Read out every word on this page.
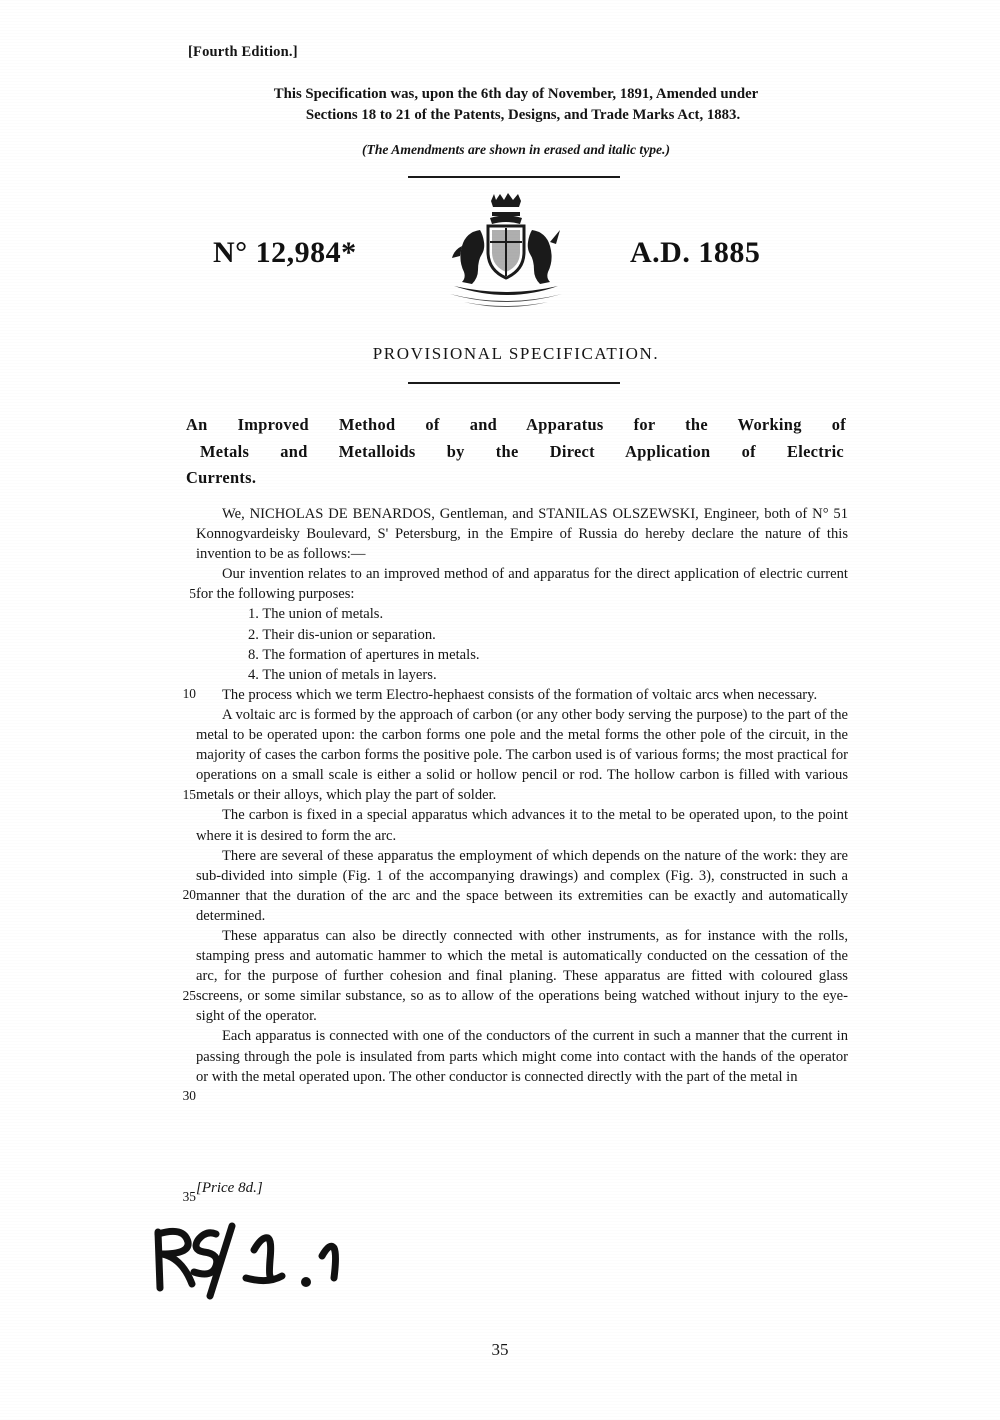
[Fourth Edition.]
This Specification was, upon the 6th day of November, 1891, Amended under
Sections 18 to 21 of the Patents, Designs, and Trade Marks Act, 1883.
(The Amendments are shown in erased and italic type.)
N° 12,984*	A.D. 1885
PROVISIONAL SPECIFICATION.
An Improved Method of and Apparatus for the Working of
Metals and Metalloids by the Direct Application of Electric
Currents.
5
10
15
20
25
30
35

We, NICHOLAS DE BENARDOS, Gentleman, and STANILAS OLSZEWSKI, Engineer, both of N° 51 Konnogvardeisky Boulevard, S' Petersburg, in the Empire of Russia do hereby declare the nature of this invention to be as follows:—

Our invention relates to an improved method of and apparatus for the direct application of electric current for the following purposes:

1. The union of metals.

2. Their dis-union or separation.

8. The formation of apertures in metals.

4. The union of metals in layers.

The process which we term Electro-hephaest consists of the formation of voltaic arcs when necessary.

A voltaic arc is formed by the approach of carbon (or any other body serving the purpose) to the part of the metal to be operated upon: the carbon forms one pole and the metal forms the other pole of the circuit, in the majority of cases the carbon forms the positive pole. The carbon used is of various forms; the most practical for operations on a small scale is either a solid or hollow pencil or rod. The hollow carbon is filled with various metals or their alloys, which play the part of solder.

The carbon is fixed in a special apparatus which advances it to the metal to be operated upon, to the point where it is desired to form the arc.

There are several of these apparatus the employment of which depends on the nature of the work: they are sub-divided into simple (Fig. 1 of the accompanying drawings) and complex (Fig. 3), constructed in such a manner that the duration of the arc and the space between its extremities can be exactly and automatically determined.

These apparatus can also be directly connected with other instruments, as for instance with the rolls, stamping press and automatic hammer to which the metal is automatically conducted on the cessation of the arc, for the purpose of further cohesion and final planing. These apparatus are fitted with coloured glass screens, or some similar substance, so as to allow of the operations being watched without injury to the eye-sight of the operator.

Each apparatus is connected with one of the conductors of the current in such a manner that the current in passing through the pole is insulated from parts which might come into contact with the hands of the operator or with the metal operated upon. The other conductor is connected directly with the part of the metal in

[Price 8d.]
35
